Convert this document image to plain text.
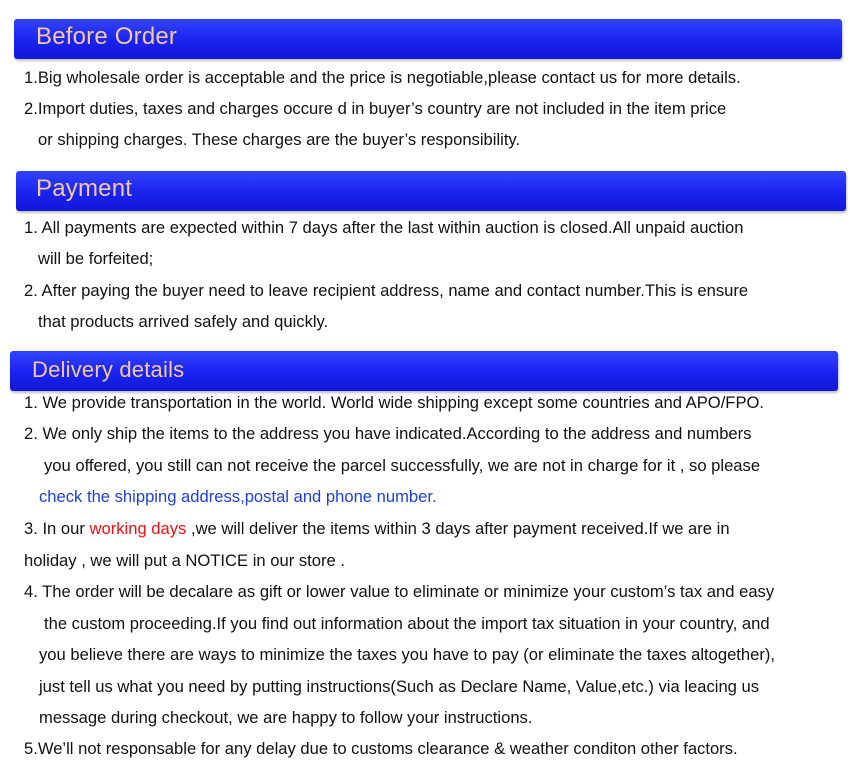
Before Order
1.Big wholesale order is acceptable and the price is negotiable,please contact us for more details.
2.Import duties, taxes and charges occure d in buyer’s country are not included in the item price
or shipping charges. These charges are the buyer’s responsibility.
Payment
1. All payments are expected within 7 days after the last within auction is closed.All unpaid auction
will be forfeited;
2. After paying the buyer need to leave recipient address, name and contact number.This is ensure
that products arrived safely and quickly.
Delivery details
1. We provide transportation in the world. World wide shipping except some countries and APO/FPO.
2. We only ship the items to the address you have indicated.According to the address and numbers
you offered, you still can not receive the parcel successfully, we are not in charge for it , so please
check the shipping address,postal and phone number.
3. In our working days ,we will deliver the items within 3 days after payment received.If we are in
holiday , we will put a NOTICE in our store .
4. The order will be decalare as gift or lower value to eliminate or minimize your custom’s tax and easy
the custom proceeding.If you find out information about the import tax situation in your country, and
you believe there are ways to minimize the taxes you have to pay (or eliminate the taxes altogether),
just tell us what you need by putting instructions(Such as Declare Name, Value,etc.) via leacing us
message during checkout, we are happy to follow your instructions.
5.We’ll not responsable for any delay due to customs clearance & weather conditon other factors.
